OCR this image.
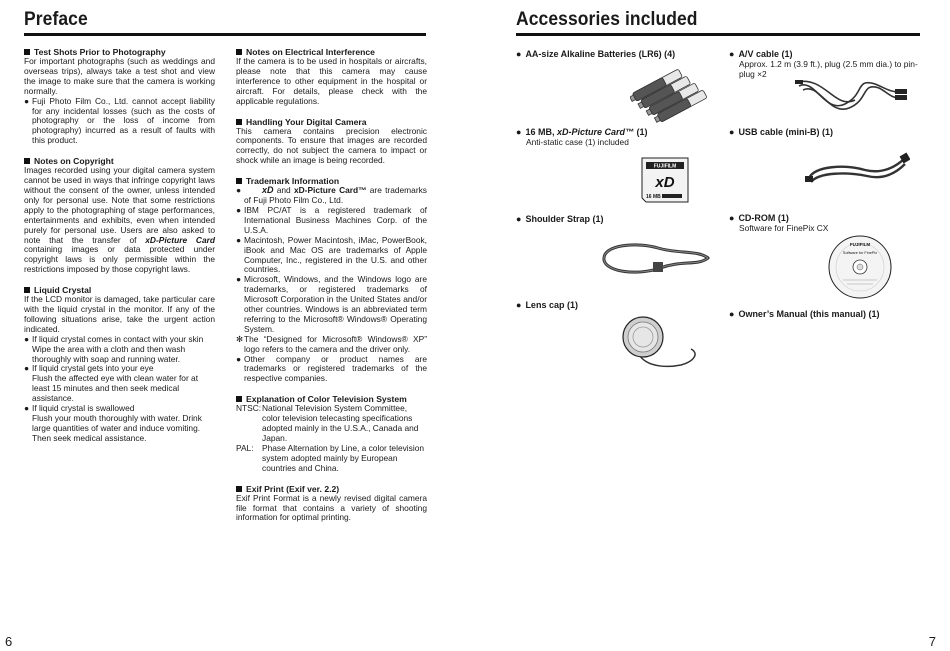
Preface
Test Shots Prior to Photography

For important photographs (such as weddings and overseas trips), always take a test shot and view the image to make sure that the camera is working normally.

● Fuji Photo Film Co., Ltd. cannot accept liability for any incidental losses (such as the costs of photography or the loss of income from photography) incurred as a result of faults with this product.
Notes on Copyright

Images recorded using your digital camera system cannot be used in ways that infringe copyright laws without the consent of the owner, unless intended only for personal use. Note that some restrictions apply to the photographing of stage performances, entertainments and exhibits, even when intended purely for personal use. Users are also asked to note that the transfer of xD-Picture Card containing images or data protected under copyright laws is only permissible within the restrictions imposed by those copyright laws.

Liquid Crystal

If the LCD monitor is damaged, take particular care with the liquid crystal in the monitor. If any of the following situations arise, take the urgent action indicated.

● If liquid crystal comes in contact with your skin
Wipe the area with a cloth and then wash thoroughly with soap and running water.
● If liquid crystal gets into your eye
Flush the affected eye with clean water for at least 15 minutes and then seek medical assistance.
● If liquid crystal is swallowed
Flush your mouth thoroughly with water. Drink large quantities of water and induce vomiting. Then seek medical assistance.
Notes on Electrical Interference

If the camera is to be used in hospitals or aircrafts, please note that this camera may cause interference to other equipment in the hospital or aircraft. For details, please check with the applicable regulations.

Handling Your Digital Camera

This camera contains precision electronic components. To ensure that images are recorded correctly, do not subject the camera to impact or shock while an image is being recorded.

Trademark Information
● xD and xD-Picture Card™ are trademarks of Fuji Photo Film Co., Ltd.
● IBM PC/AT is a registered trademark of International Business Machines Corp. of the U.S.A.
● Macintosh, Power Macintosh, iMac, PowerBook, iBook and Mac OS are trademarks of Apple Computer, Inc., registered in the U.S. and other countries.
● Microsoft, Windows, and the Windows logo are trademarks, or registered trademarks of Microsoft Corporation in the United States and/or other countries. Windows is an abbreviated term referring to the Microsoft® Windows® Operating System.
✻ The “Designed for Microsoft® Windows® XP” logo refers to the camera and the driver only.
● Other company or product names are trademarks or registered trademarks of the respective companies.
Explanation of Color Television System
NTSC: National Television System Committee, color television telecasting specifications adopted mainly in the U.S.A., Canada and Japan.
PAL:	Phase Alternation by Line, a color television system adopted mainly by European countries and China.
Exif Print (Exif ver. 2.2)

Exif Print Format is a newly revised digital camera file format that contains a variety of shooting information for optimal printing.

6
Accessories included
● AA-size Alkaline Batteries (LR6) (4)
● 16 MB, xD-Picture Card™ (1)
Anti-static case (1) included
FUJIFILM
xD
16 MB
● Shoulder Strap (1)
● Lens cap (1)
● A/V cable (1)
Approx. 1.2 m (3.9 ft.), plug (2.5 mm dia.) to pin-plug ×2
● USB cable (mini-B) (1)
● CD-ROM (1)
Software for FinePix CX
FUJIFILM
Software for FinePix
● Owner’s Manual (this manual) (1)
7
